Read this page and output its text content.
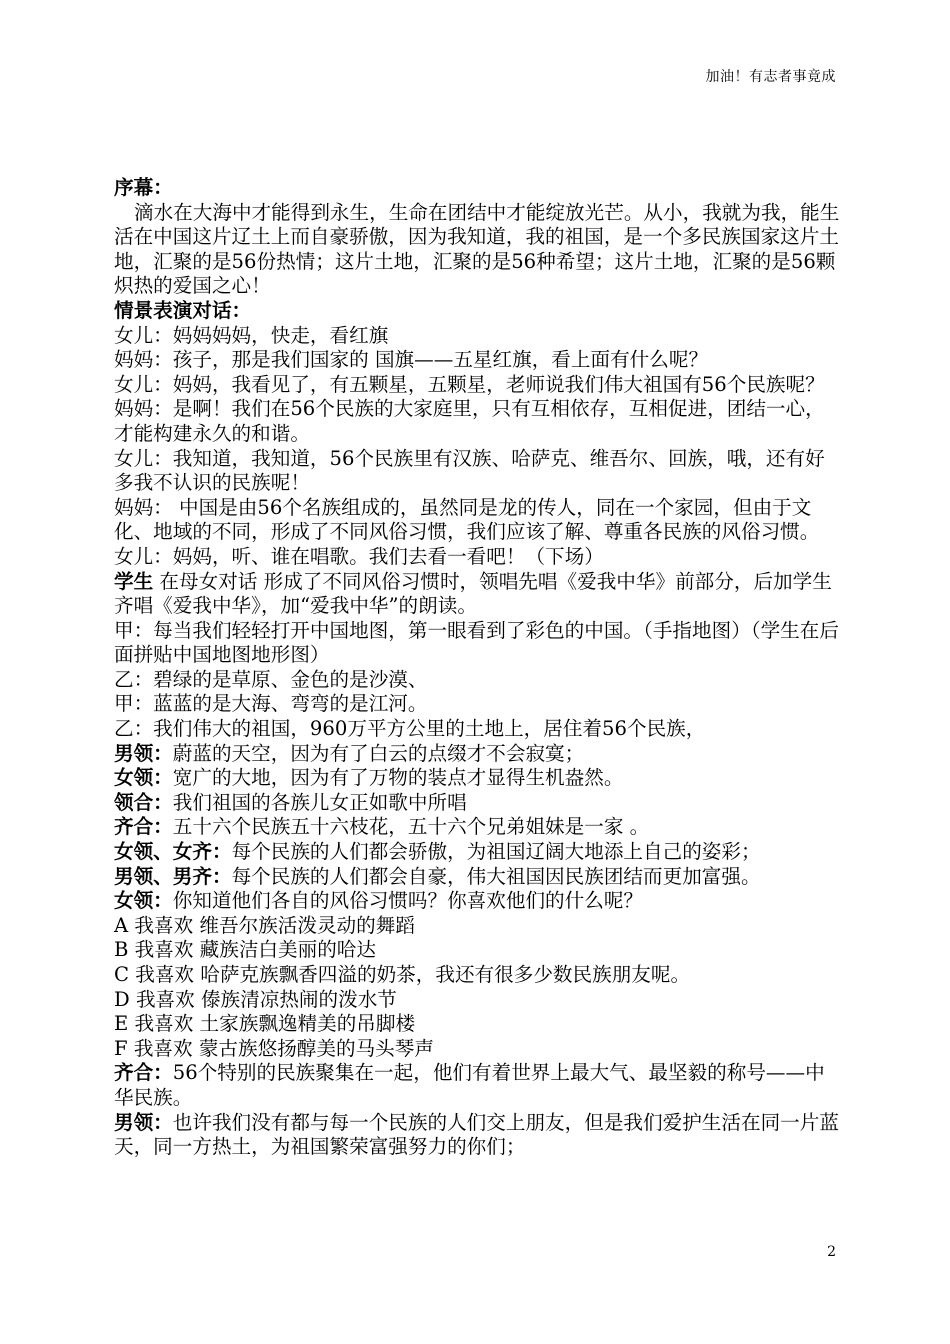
加油！有志者事竟成

序幕：

滴水在大海中才能得到永生，生命在团结中才能绽放光芒。从小，我就为我，能生活在中国这片辽土上而自豪骄傲，因为我知道，我的祖国，是一个多民族国家这片土地，汇聚的是56份热情；这片土地，汇聚的是56种希望；这片土地，汇聚的是56颗炽热的爱国之心！

情景表演对话：

女儿：妈妈妈妈，快走，看红旗

妈妈：孩子，那是我们国家的 国旗——五星红旗，看上面有什么呢？

女儿：妈妈，我看见了，有五颗星，五颗星，老师说我们伟大祖国有56个民族呢？

妈妈：是啊！我们在56个民族的大家庭里，只有互相依存，互相促进，团结一心，才能构建永久的和谐。

女儿：我知道，我知道，56个民族里有汉族、哈萨克、维吾尔、回族，哦，还有好多我不认识的民族呢！

妈妈： 中国是由56个名族组成的，虽然同是龙的传人，同在一个家园，但由于文化、地域的不同，形成了不同风俗习惯，我们应该了解、尊重各民族的风俗习惯。

女儿：妈妈，听、谁在唱歌。我们去看一看吧！（下场）

学生 在母女对话 形成了不同风俗习惯时，领唱先唱《爱我中华》前部分，后加学生齐唱《爱我中华》，加“爱我中华”的朗读。

甲：每当我们轻轻打开中国地图，第一眼看到了彩色的中国。（手指地图）（学生在后面拼贴中国地图地形图）

乙：碧绿的是草原、金色的是沙漠、

甲：蓝蓝的是大海、弯弯的是江河。

乙：我们伟大的祖国，960万平方公里的土地上，居住着56个民族，

男领：蔚蓝的天空，因为有了白云的点缀才不会寂寞；

女领：宽广的大地，因为有了万物的装点才显得生机盎然。

领合：我们祖国的各族儿女正如歌中所唱

齐合：五十六个民族五十六枝花，五十六个兄弟姐妹是一家 。

女领、女齐：每个民族的人们都会骄傲，为祖国辽阔大地添上自己的姿彩；

男领、男齐：每个民族的人们都会自豪，伟大祖国因民族团结而更加富强。

女领：你知道他们各自的风俗习惯吗？你喜欢他们的什么呢？

A 我喜欢 维吾尔族活泼灵动的舞蹈

B 我喜欢 藏族洁白美丽的哈达

C 我喜欢 哈萨克族飘香四溢的奶茶，我还有很多少数民族朋友呢。

D 我喜欢 傣族清凉热闹的泼水节

E 我喜欢 土家族飘逸精美的吊脚楼

F 我喜欢 蒙古族悠扬醇美的马头琴声

齐合：56个特别的民族聚集在一起，他们有着世界上最大气、最坚毅的称号——中华民族。

男领：也许我们没有都与每一个民族的人们交上朋友，但是我们爱护生活在同一片蓝天，同一方热土，为祖国繁荣富强努力的你们；

2
